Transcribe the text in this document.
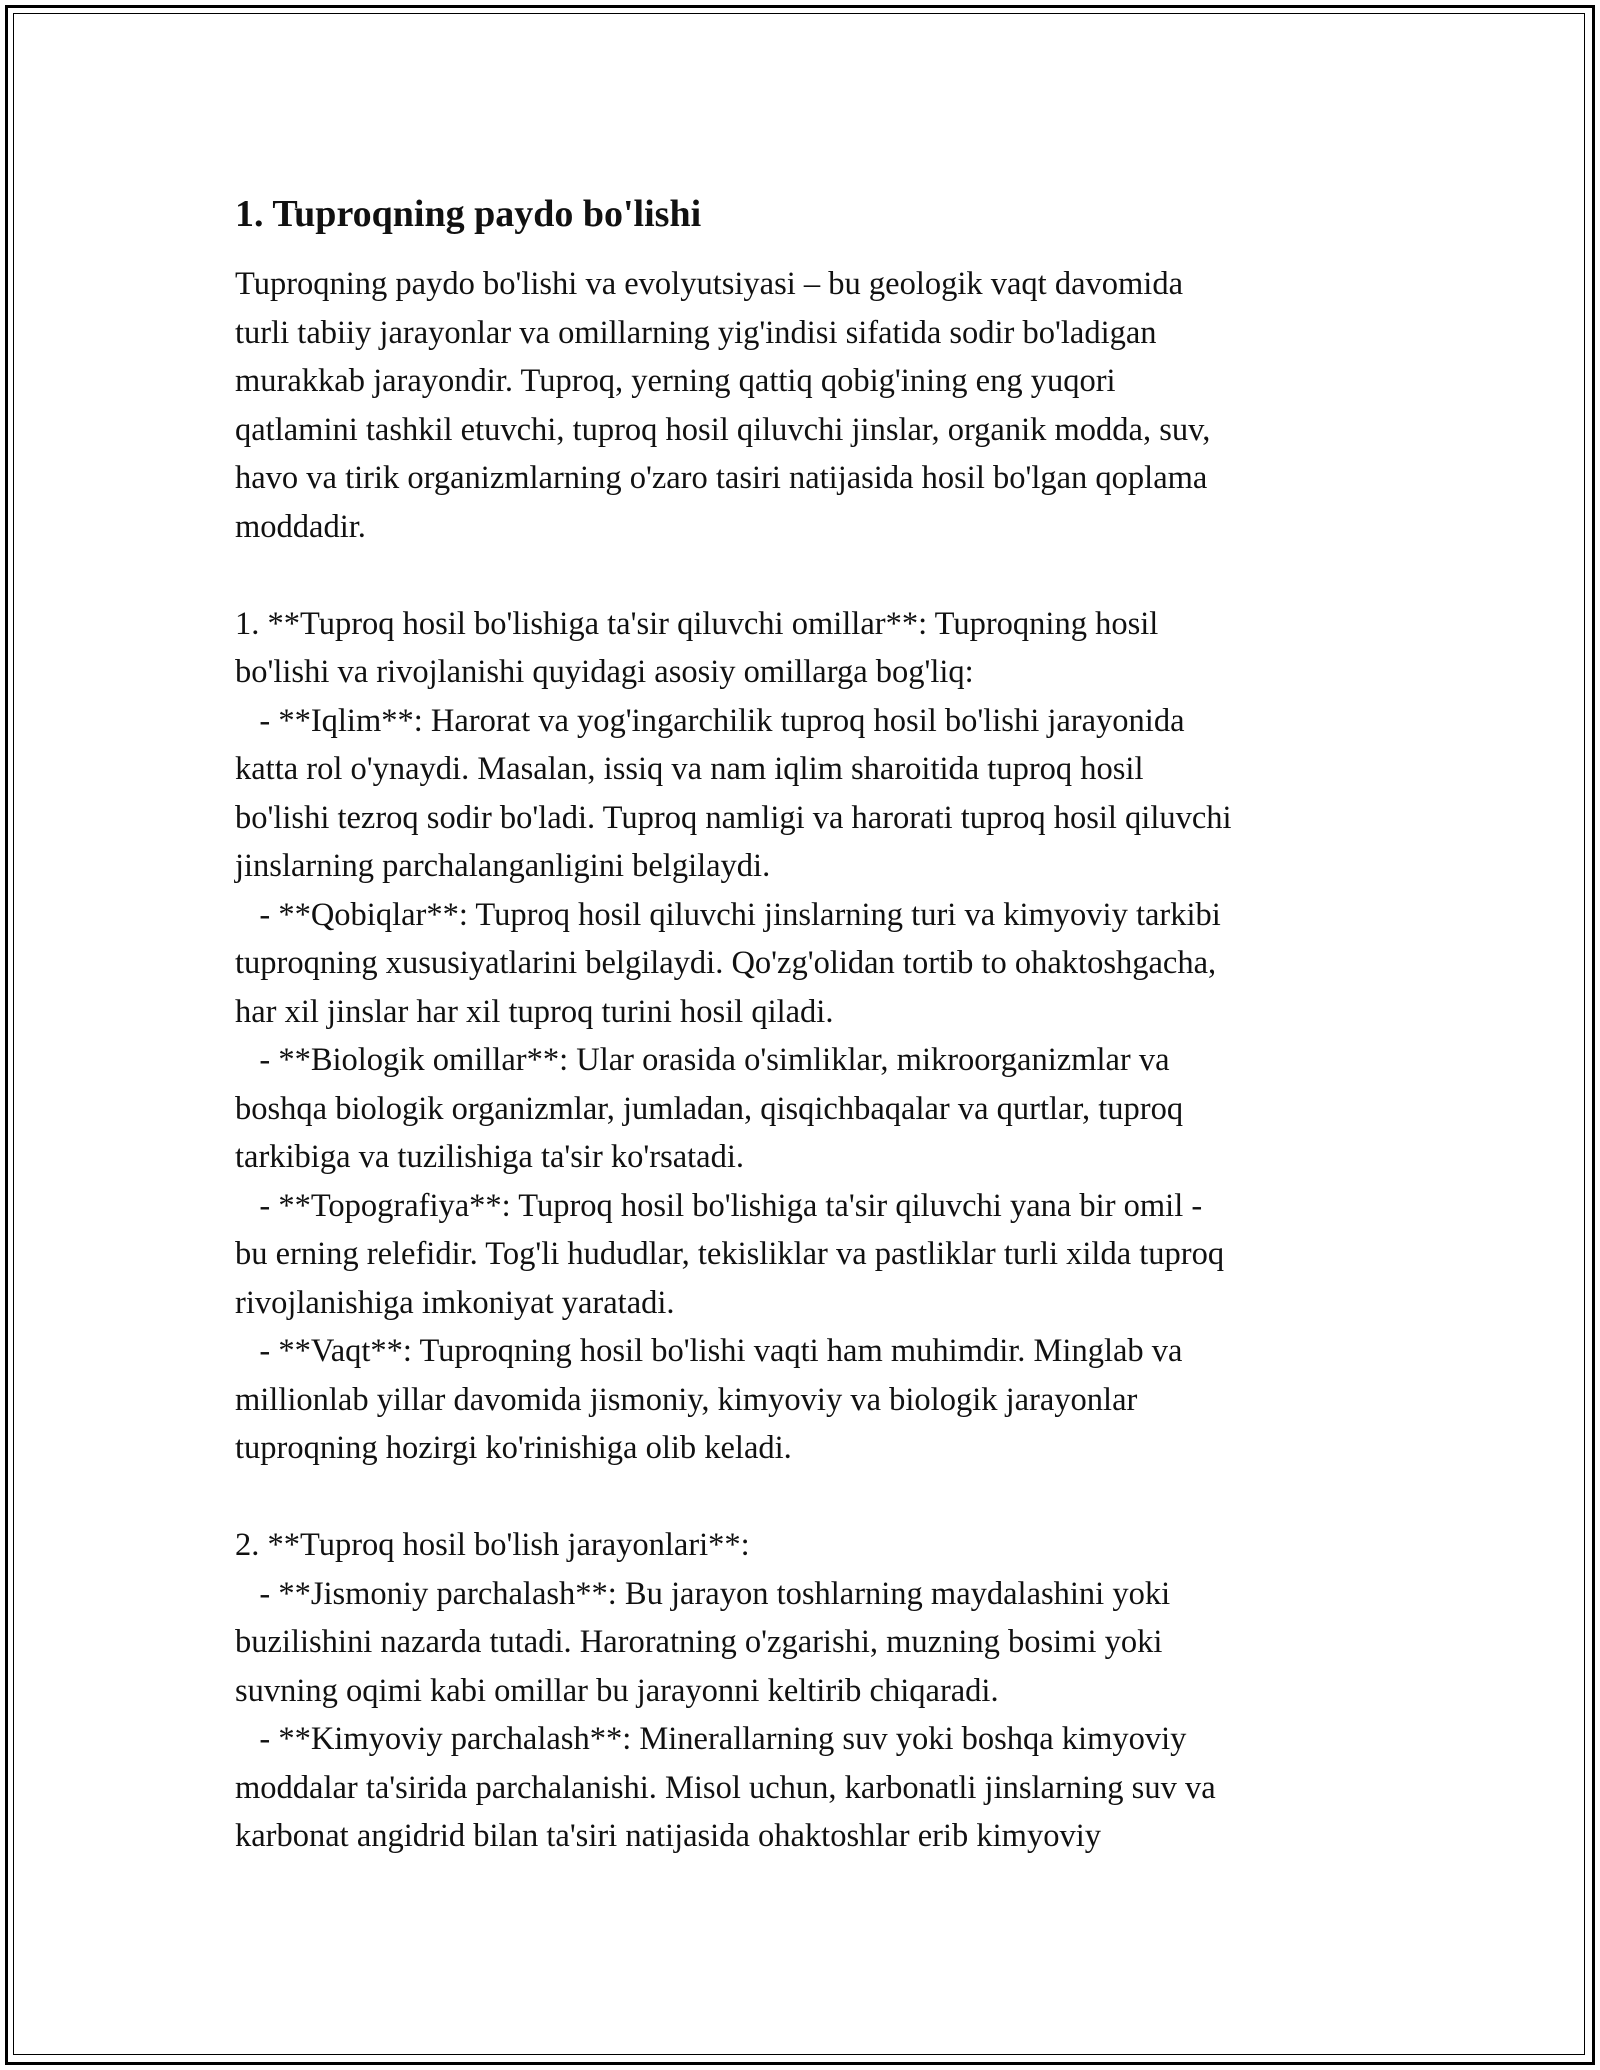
1. Tuproqning paydo bo'lishi
Tuproqning paydo bo'lishi va evolyutsiyasi – bu geologik vaqt davomida
turli tabiiy jarayonlar va omillarning yig'indisi sifatida sodir bo'ladigan
murakkab jarayondir. Tuproq, yerning qattiq qobig'ining eng yuqori
qatlamini tashkil etuvchi, tuproq hosil qiluvchi jinslar, organik modda, suv,
havo va tirik organizmlarning o'zaro tasiri natijasida hosil bo'lgan qoplama
moddadir.
1. **Tuproq hosil bo'lishiga ta'sir qiluvchi omillar**: Tuproqning hosil
bo'lishi va rivojlanishi quyidagi asosiy omillarga bog'liq:
- **Iqlim**: Harorat va yog'ingarchilik tuproq hosil bo'lishi jarayonida
katta rol o'ynaydi. Masalan, issiq va nam iqlim sharoitida tuproq hosil
bo'lishi tezroq sodir bo'ladi. Tuproq namligi va harorati tuproq hosil qiluvchi
jinslarning parchalanganligini belgilaydi.
- **Qobiqlar**: Tuproq hosil qiluvchi jinslarning turi va kimyoviy tarkibi
tuproqning xususiyatlarini belgilaydi. Qo'zg'olidan tortib to ohaktoshgacha,
har xil jinslar har xil tuproq turini hosil qiladi.
- **Biologik omillar**: Ular orasida o'simliklar, mikroorganizmlar va
boshqa biologik organizmlar, jumladan, qisqichbaqalar va qurtlar, tuproq
tarkibiga va tuzilishiga ta'sir ko'rsatadi.
- **Topografiya**: Tuproq hosil bo'lishiga ta'sir qiluvchi yana bir omil -
bu erning relefidir. Tog'li hududlar, tekisliklar va pastliklar turli xilda tuproq
rivojlanishiga imkoniyat yaratadi.
- **Vaqt**: Tuproqning hosil bo'lishi vaqti ham muhimdir. Minglab va
millionlab yillar davomida jismoniy, kimyoviy va biologik jarayonlar
tuproqning hozirgi ko'rinishiga olib keladi.
2. **Tuproq hosil bo'lish jarayonlari**:
- **Jismoniy parchalash**: Bu jarayon toshlarning maydalashini yoki
buzilishini nazarda tutadi. Haroratning o'zgarishi, muzning bosimi yoki
suvning oqimi kabi omillar bu jarayonni keltirib chiqaradi.
- **Kimyoviy parchalash**: Minerallarning suv yoki boshqa kimyoviy
moddalar ta'sirida parchalanishi. Misol uchun, karbonatli jinslarning suv va
karbonat angidrid bilan ta'siri natijasida ohaktoshlar erib kimyoviy
